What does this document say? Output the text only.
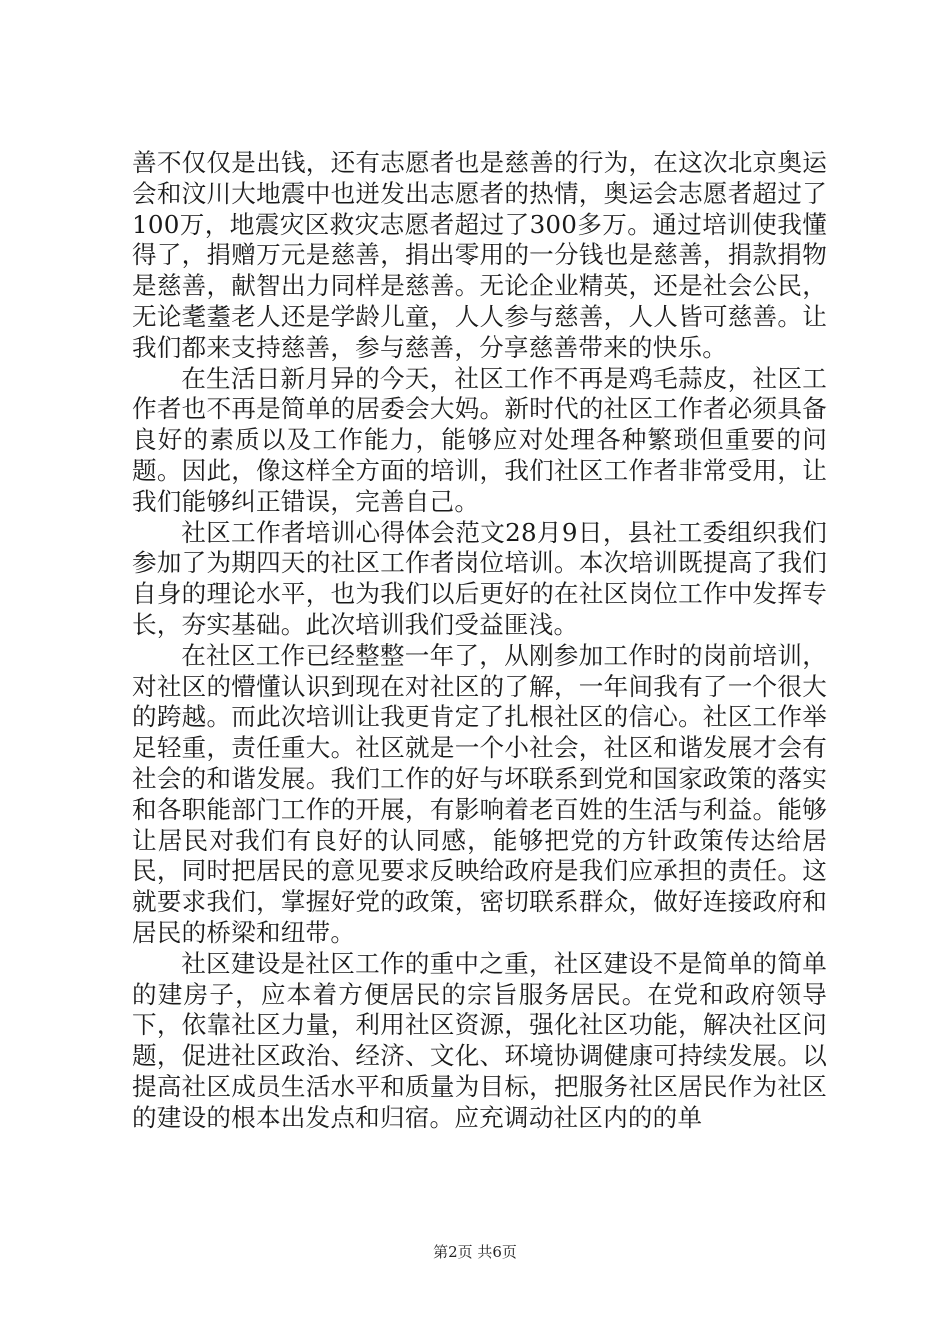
善不仅仅是出钱，还有志愿者也是慈善的行为，在这次北京奥运会和汶川大地震中也迸发出志愿者的热情，奥运会志愿者超过了100万，地震灾区救灾志愿者超过了300多万。通过培训使我懂得了，捐赠万元是慈善，捐出零用的一分钱也是慈善，捐款捐物是慈善，献智出力同样是慈善。无论企业精英，还是社会公民，无论耄耋老人还是学龄儿童，人人参与慈善，人人皆可慈善。让我们都来支持慈善，参与慈善，分享慈善带来的快乐。

在生活日新月异的今天，社区工作不再是鸡毛蒜皮，社区工作者也不再是简单的居委会大妈。新时代的社区工作者必须具备良好的素质以及工作能力，能够应对处理各种繁琐但重要的问题。因此，像这样全方面的培训，我们社区工作者非常受用，让我们能够纠正错误，完善自己。

社区工作者培训心得体会范文28月9日，县社工委组织我们参加了为期四天的社区工作者岗位培训。本次培训既提高了我们自身的理论水平，也为我们以后更好的在社区岗位工作中发挥专长，夯实基础。此次培训我们受益匪浅。

在社区工作已经整整一年了，从刚参加工作时的岗前培训，对社区的懵懂认识到现在对社区的了解，一年间我有了一个很大的跨越。而此次培训让我更肯定了扎根社区的信心。社区工作举足轻重，责任重大。社区就是一个小社会，社区和谐发展才会有社会的和谐发展。我们工作的好与坏联系到党和国家政策的落实和各职能部门工作的开展，有影响着老百姓的生活与利益。能够让居民对我们有良好的认同感，能够把党的方针政策传达给居民，同时把居民的意见要求反映给政府是我们应承担的责任。这就要求我们，掌握好党的政策，密切联系群众，做好连接政府和居民的桥梁和纽带。

社区建设是社区工作的重中之重，社区建设不是简单的简单的建房子，应本着方便居民的宗旨服务居民。在党和政府领导下，依靠社区力量，利用社区资源，强化社区功能，解决社区问题，促进社区政治、经济、文化、环境协调健康可持续发展。以提高社区成员生活水平和质量为目标，把服务社区居民作为社区的建设的根本出发点和归宿。应充调动社区内的的单

第2页 共6页
